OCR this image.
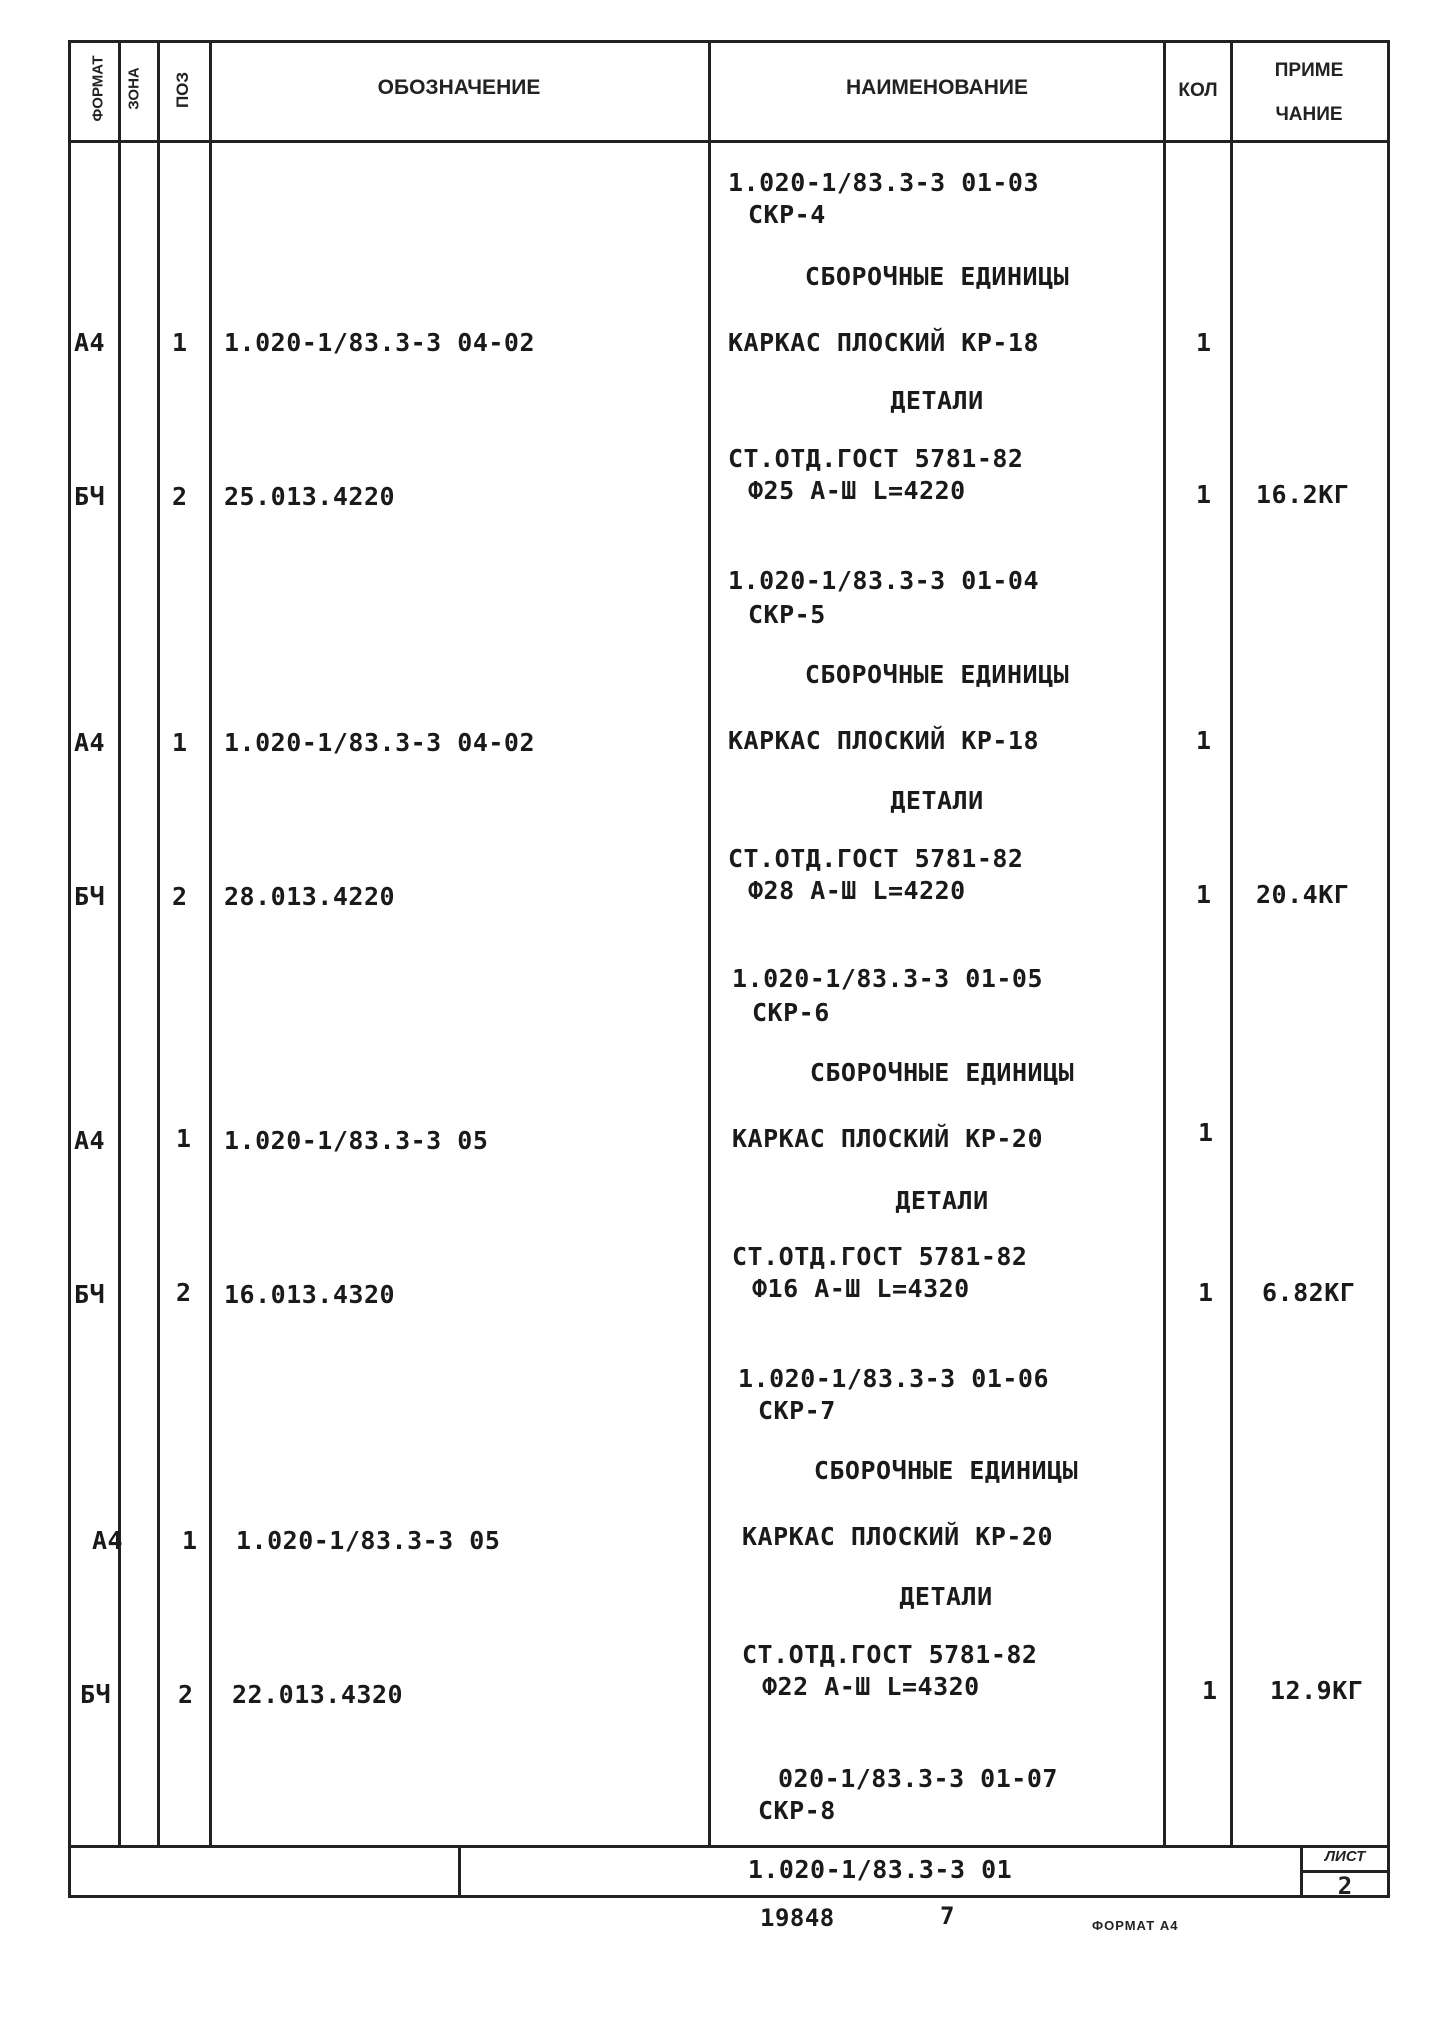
ФОРМАТ ЗОНА ПОЗ	ОБОЗНАЧЕНИЕ	НАИМЕНОВАНИЕ	КОЛ
ПРИМЕ
ЧАНИЕ
1.020-1/83.3-3 01-03
СКР-4
СБОРОЧНЫЕ ЕДИНИЦЫ
А4	1 1.020-1/83.3-3 04-02	КАРКАС ПЛОСКИЙ КР-18	1
ДЕТАЛИ
СТ.ОТД.ГОСТ 5781-82
Ф25 А-Ш L=4220
БЧ	2 25.013.4220	1 16.2КГ
1.020-1/83.3-3 01-04
СКР-5
СБОРОЧНЫЕ ЕДИНИЦЫ
А4	1 1.020-1/83.3-3 04-02	КАРКАС ПЛОСКИЙ КР-18	1
ДЕТАЛИ
СТ.ОТД.ГОСТ 5781-82
Ф28 А-Ш L=4220
БЧ	2 28.013.4220	1 20.4КГ
1.020-1/83.3-3 01-05
СКР-6
СБОРОЧНЫЕ ЕДИНИЦЫ
А4	1 1.020-1/83.3-3 05	КАРКАС ПЛОСКИЙ КР-20	1
ДЕТАЛИ
СТ.ОТД.ГОСТ 5781-82
Ф16 А-Ш L=4320
БЧ	2 16.013.4320	1 6.82КГ
1.020-1/83.3-3 01-06
СКР-7
СБОРОЧНЫЕ ЕДИНИЦЫ
А4 1 1.020-1/83.3-3 05	КАРКАС ПЛОСКИЙ КР-20
ДЕТАЛИ
СТ.ОТД.ГОСТ 5781-82
Ф22 А-Ш L=4320
БЧ	2 22.013.4320	1 12.9КГ
020-1/83.3-3 01-07
СКР-8
1.020-1/83.3-3 01	ЛИСТ
2
19848	7	ФОРМАТ А4
